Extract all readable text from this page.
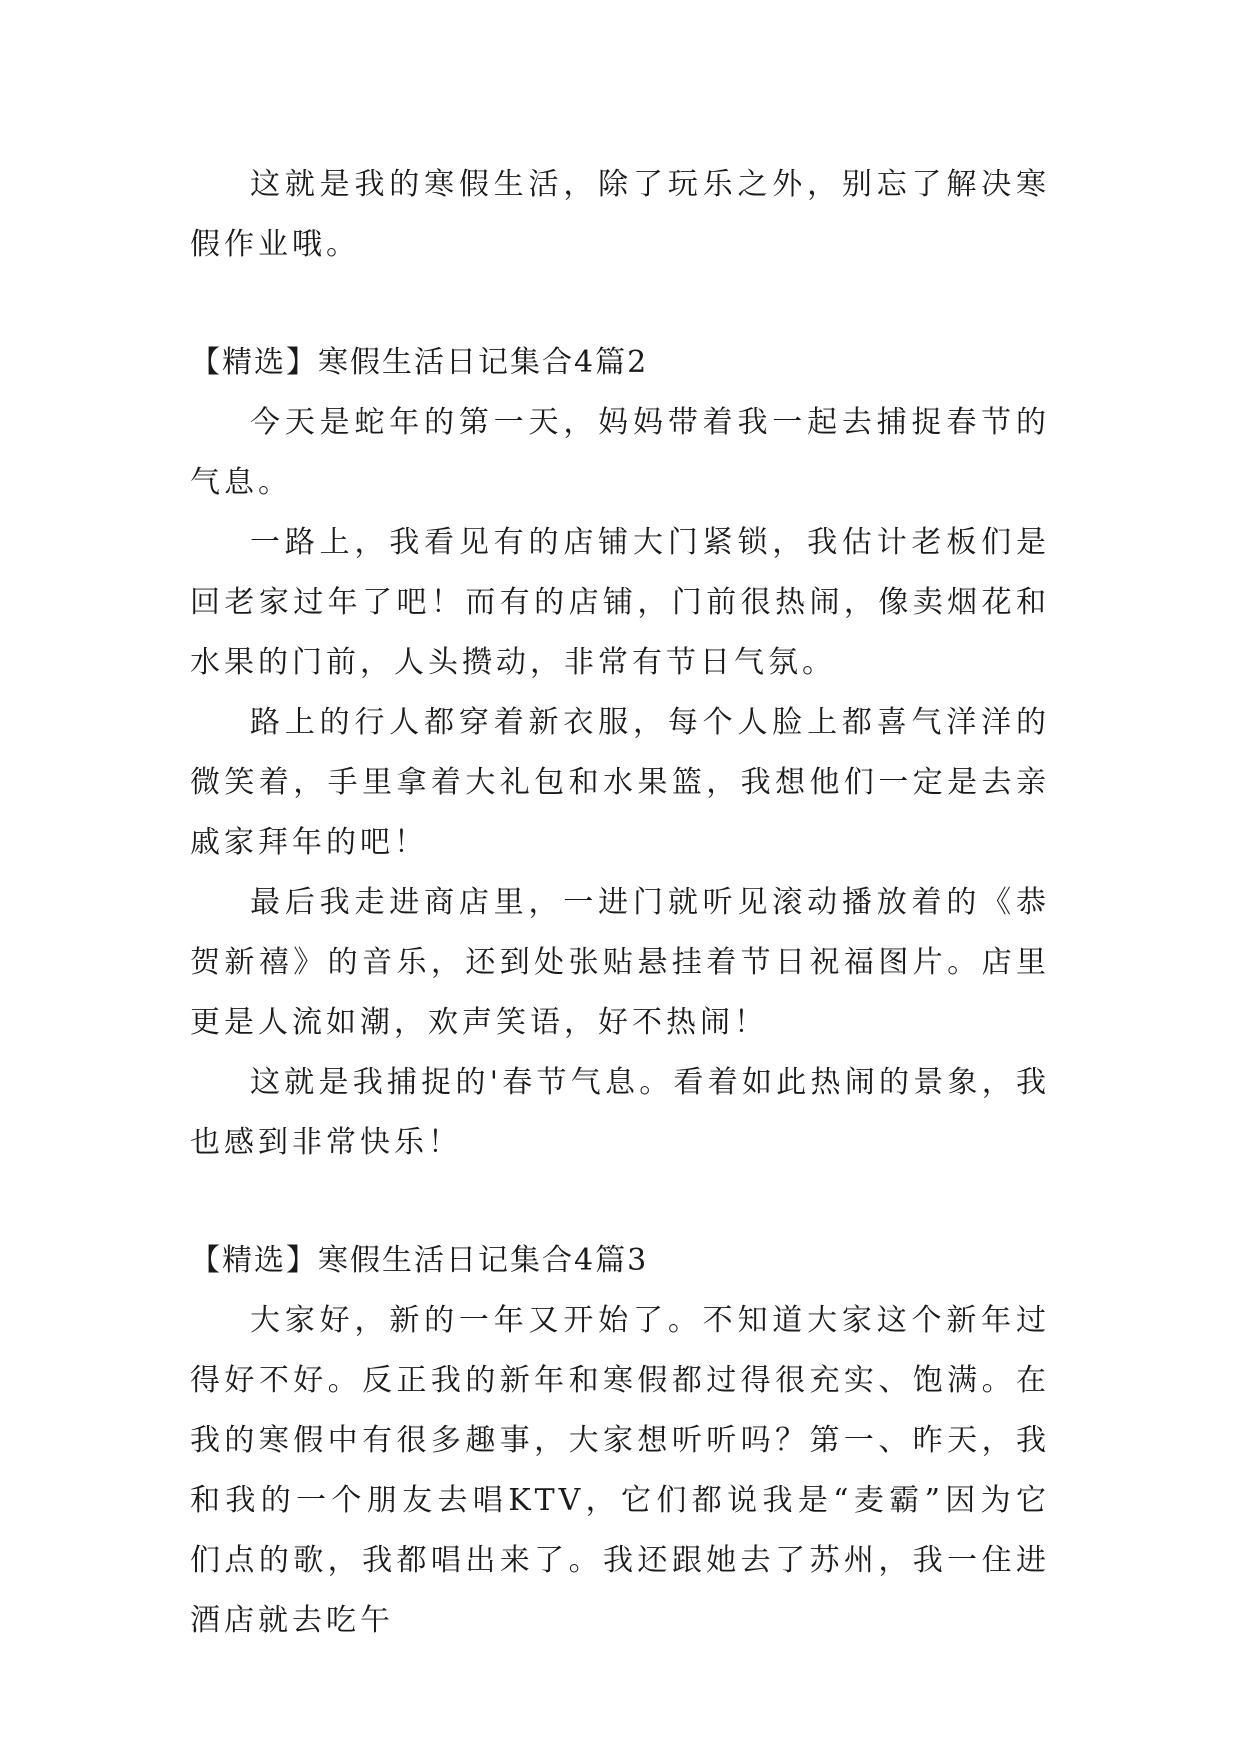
这就是我的寒假生活，除了玩乐之外，别忘了解决寒假作业哦。

【精选】寒假生活日记集合4篇2

今天是蛇年的第一天，妈妈带着我一起去捕捉春节的气息。

一路上，我看见有的店铺大门紧锁，我估计老板们是回老家过年了吧！而有的店铺，门前很热闹，像卖烟花和水果的门前，人头攒动，非常有节日气氛。

路上的行人都穿着新衣服，每个人脸上都喜气洋洋的微笑着，手里拿着大礼包和水果篮，我想他们一定是去亲戚家拜年的吧！

最后我走进商店里，一进门就听见滚动播放着的《恭贺新禧》的音乐，还到处张贴悬挂着节日祝福图片。店里更是人流如潮，欢声笑语，好不热闹！

这就是我捕捉的'春节气息。看着如此热闹的景象，我也感到非常快乐！

【精选】寒假生活日记集合4篇3

大家好，新的一年又开始了。不知道大家这个新年过得好不好。反正我的新年和寒假都过得很充实、饱满。在我的寒假中有很多趣事，大家想听听吗？第一、昨天，我和我的一个朋友去唱KTV，它们都说我是“麦霸”因为它们点的歌，我都唱出来了。我还跟她去了苏州，我一住进酒店就去吃午
